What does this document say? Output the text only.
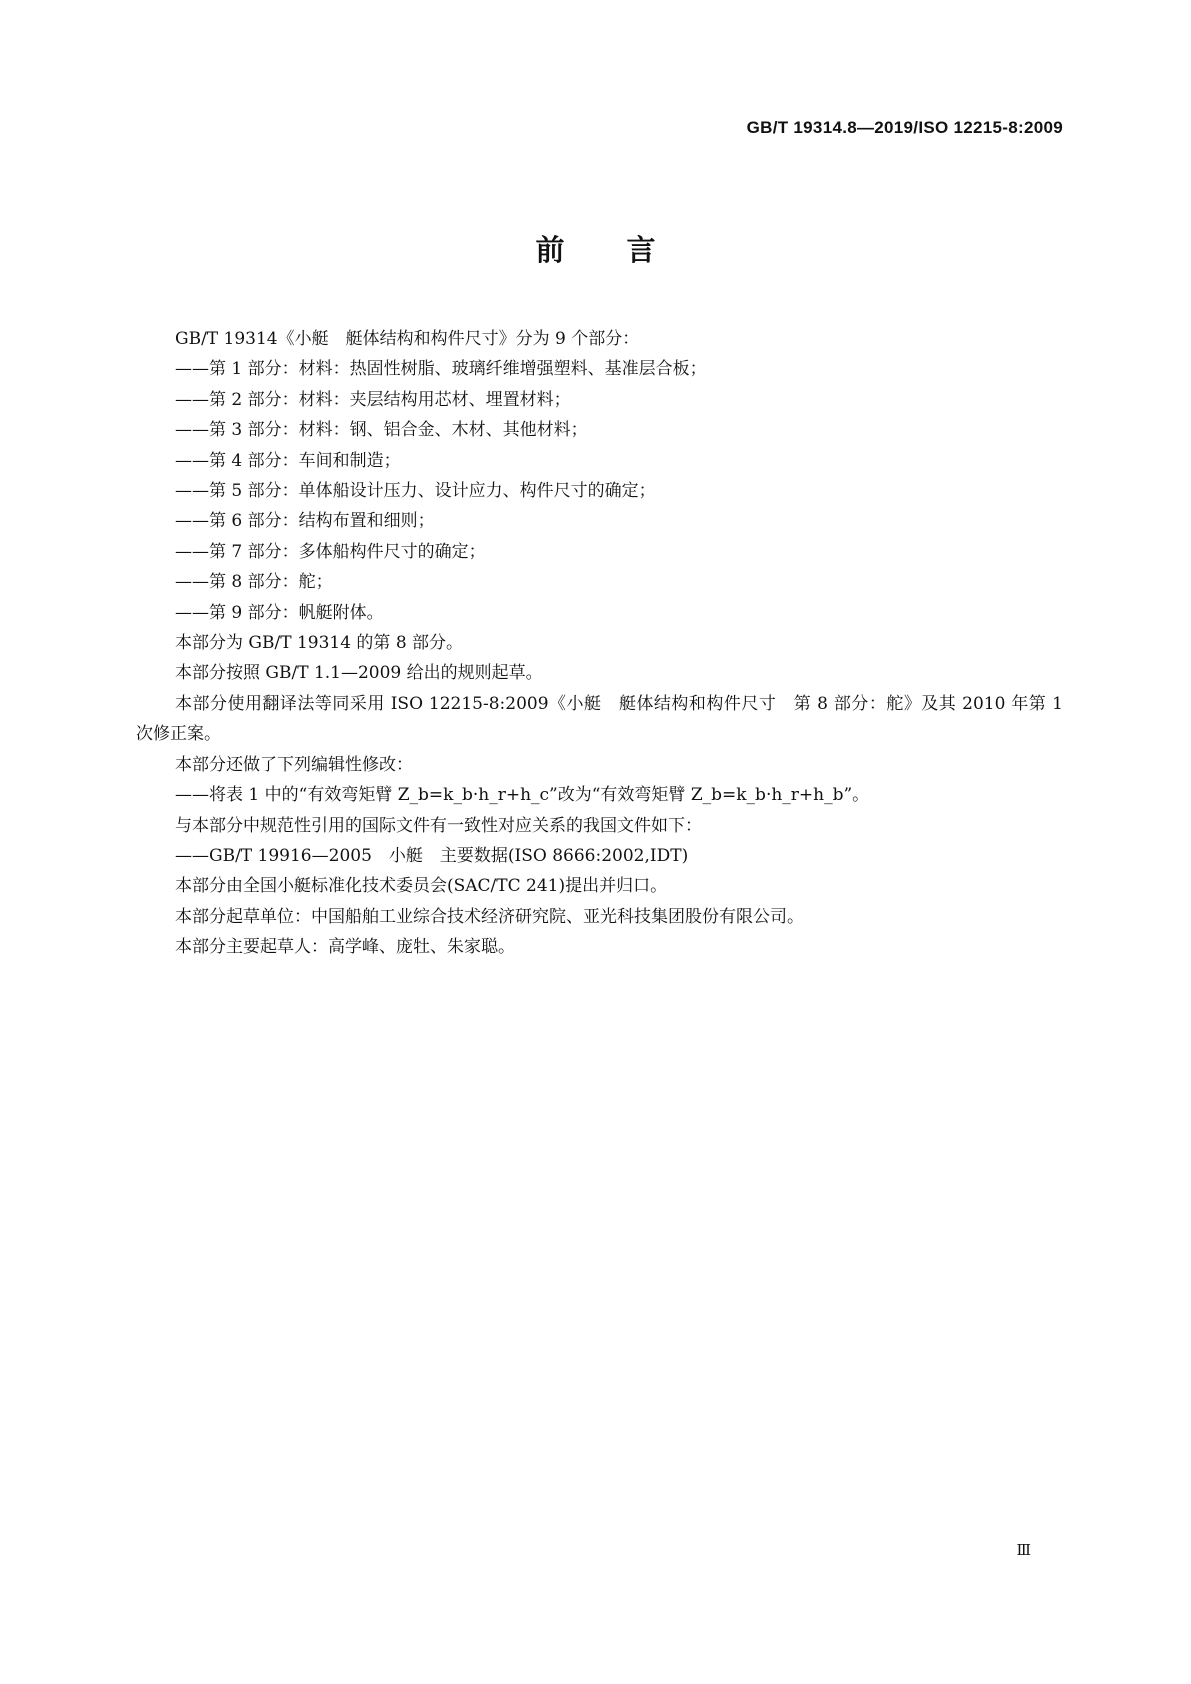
GB/T 19314.8—2019/ISO 12215-8:2009
前言

GB/T 19314《小艇　艇体结构和构件尺寸》分为 9 个部分：

——第 1 部分：材料：热固性树脂、玻璃纤维增强塑料、基准层合板；

——第 2 部分：材料：夹层结构用芯材、埋置材料；

——第 3 部分：材料：钢、铝合金、木材、其他材料；

——第 4 部分：车间和制造；

——第 5 部分：单体船设计压力、设计应力、构件尺寸的确定；

——第 6 部分：结构布置和细则；

——第 7 部分：多体船构件尺寸的确定；

——第 8 部分：舵；

——第 9 部分：帆艇附体。

本部分为 GB/T 19314 的第 8 部分。

本部分按照 GB/T 1.1—2009 给出的规则起草。

本部分使用翻译法等同采用 ISO 12215-8:2009《小艇　艇体结构和构件尺寸　第 8 部分：舵》及其 2010 年第 1 次修正案。

本部分还做了下列编辑性修改：

——将表 1 中的“有效弯矩臂 Z_b=k_b·h_r+h_c”改为“有效弯矩臂 Z_b=k_b·h_r+h_b”。

与本部分中规范性引用的国际文件有一致性对应关系的我国文件如下：

——GB/T 19916—2005　小艇　主要数据(ISO 8666:2002,IDT)

本部分由全国小艇标准化技术委员会(SAC/TC 241)提出并归口。

本部分起草单位：中国船舶工业综合技术经济研究院、亚光科技集团股份有限公司。

本部分主要起草人：高学峰、庞牡、朱家聪。

Ⅲ
